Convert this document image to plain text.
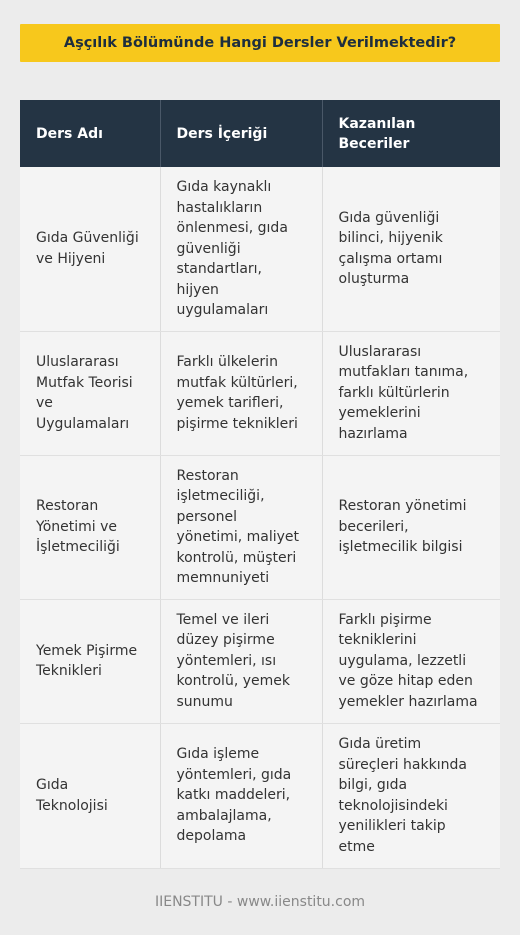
Aşçılık Bölümünde Hangi Dersler Verilmektedir?
Ders Adı	Ders İçeriği	Kazanılan Beceriler
Gıda Güvenliği ve Hijyeni	Gıda kaynaklı hastalıkların önlenmesi, gıda güvenliği standartları, hijyen uygulamaları	Gıda güvenliği bilinci, hijyenik çalışma ortamı oluşturma
Uluslararası Mutfak Teorisi ve Uygulamaları	Farklı ülkelerin mutfak kültürleri, yemek tarifleri, pişirme teknikleri	Uluslararası mutfakları tanıma, farklı kültürlerin yemeklerini hazırlama
Restoran Yönetimi ve İşletmeciliği	Restoran işletmeciliği, personel yönetimi, maliyet kontrolü, müşteri memnuniyeti	Restoran yönetimi becerileri, işletmecilik bilgisi
Yemek Pişirme Teknikleri	Temel ve ileri düzey pişirme yöntemleri, ısı kontrolü, yemek sunumu	Farklı pişirme tekniklerini uygulama, lezzetli ve göze hitap eden yemekler hazırlama
Gıda Teknolojisi	Gıda işleme yöntemleri, gıda katkı maddeleri, ambalajlama, depolama	Gıda üretim süreçleri hakkında bilgi, gıda teknolojisindeki yenilikleri takip etme
IIENSTITU - www.iienstitu.com
